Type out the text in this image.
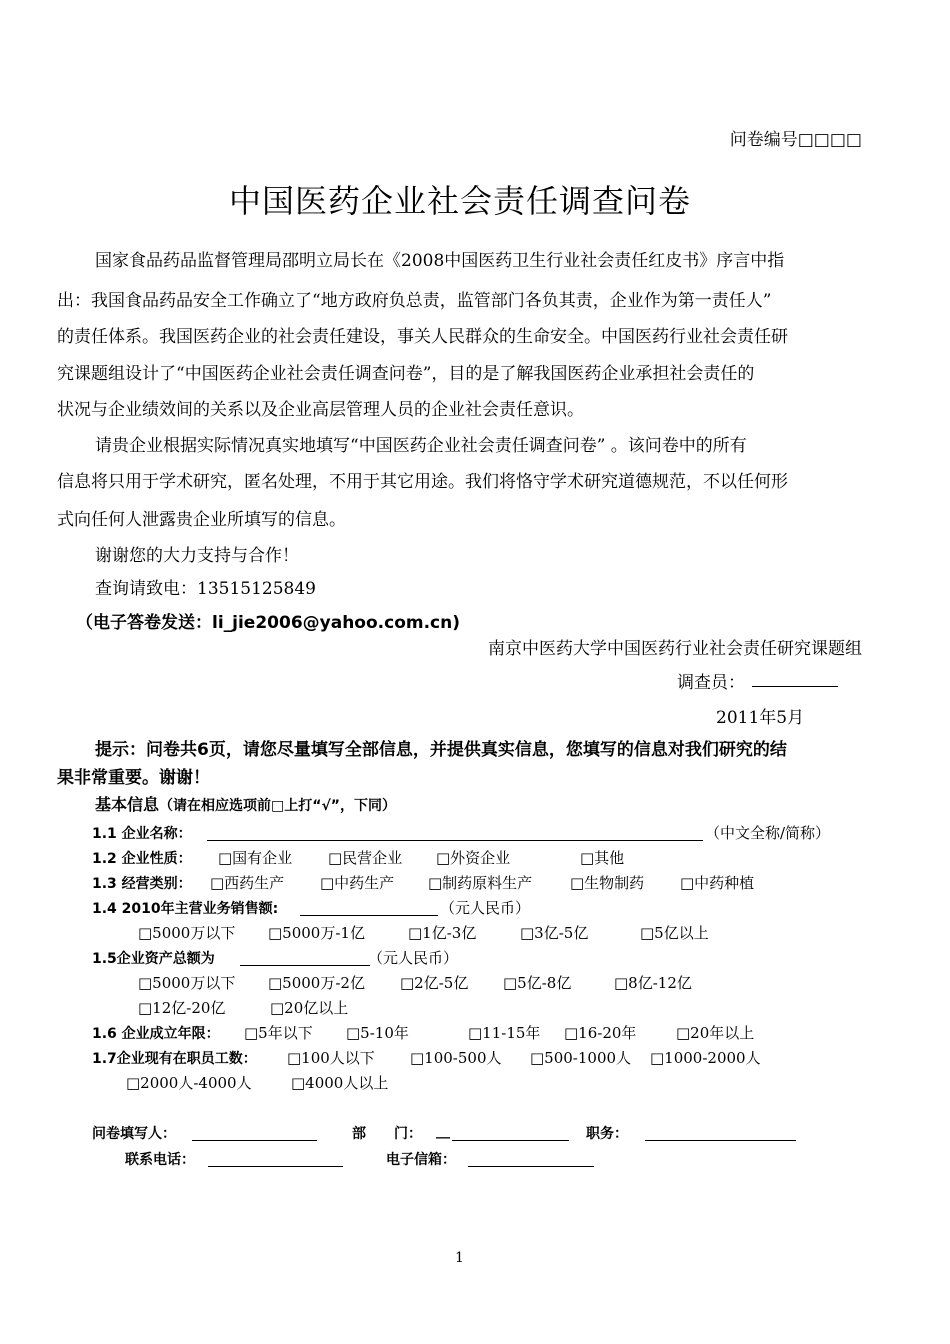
问卷编号□□□□
中国医药企业社会责任调查问卷
国家食品药品监督管理局邵明立局长在《2008中国医药卫生行业社会责任红皮书》序言中指
出：我国食品药品安全工作确立了“地方政府负总责，监管部门各负其责，企业作为第一责任人”
的责任体系。我国医药企业的社会责任建设，事关人民群众的生命安全。中国医药行业社会责任研
究课题组设计了“中国医药企业社会责任调查问卷”，目的是了解我国医药企业承担社会责任的
状况与企业绩效间的关系以及企业高层管理人员的企业社会责任意识。
请贵企业根据实际情况真实地填写“中国医药企业社会责任调查问卷” 。该问卷中的所有
信息将只用于学术研究，匿名处理，不用于其它用途。我们将恪守学术研究道德规范，不以任何形
式向任何人泄露贵企业所填写的信息。
谢谢您的大力支持与合作！
查询请致电：13515125849
（电子答卷发送：li_jie2006@yahoo.com.cn)
南京中医药大学中国医药行业社会责任研究课题组
调查员：
2011年5月
提示：问卷共6页，请您尽量填写全部信息，并提供真实信息，您填写的信息对我们研究的结
果非常重要。谢谢！
基本信息（请在相应选项前□上打“√”，下同）
1.1 企业名称：	（中文全称/简称）
1.2 企业性质： □国有企业 □民营企业 □外资企业	□其他
1.3 经营类别： □西药生产 □中药生产 □制药原料生产	□生物制药 □中药种植
1.4 2010年主营业务销售额:	（元人民币）
□5000万以下 □5000万-1亿	□1亿-3亿	□3亿-5亿	□5亿以上
1.5企业资产总额为	（元人民币）
□5000万以下 □5000万-2亿 □2亿-5亿 □5亿-8亿	□8亿-12亿
□12亿-20亿	□20亿以上
1.6 企业成立年限： □5年以下 □5-10年	□11-15年 □16-20年	□20年以上
1.7企业现有在职员工数： □100人以下 □100-500人 □500-1000人 □1000-2000人
□2000人-4000人	□4000人以上
问卷填写人：	部　　门： __	职务：
联系电话：	电子信箱：
1
